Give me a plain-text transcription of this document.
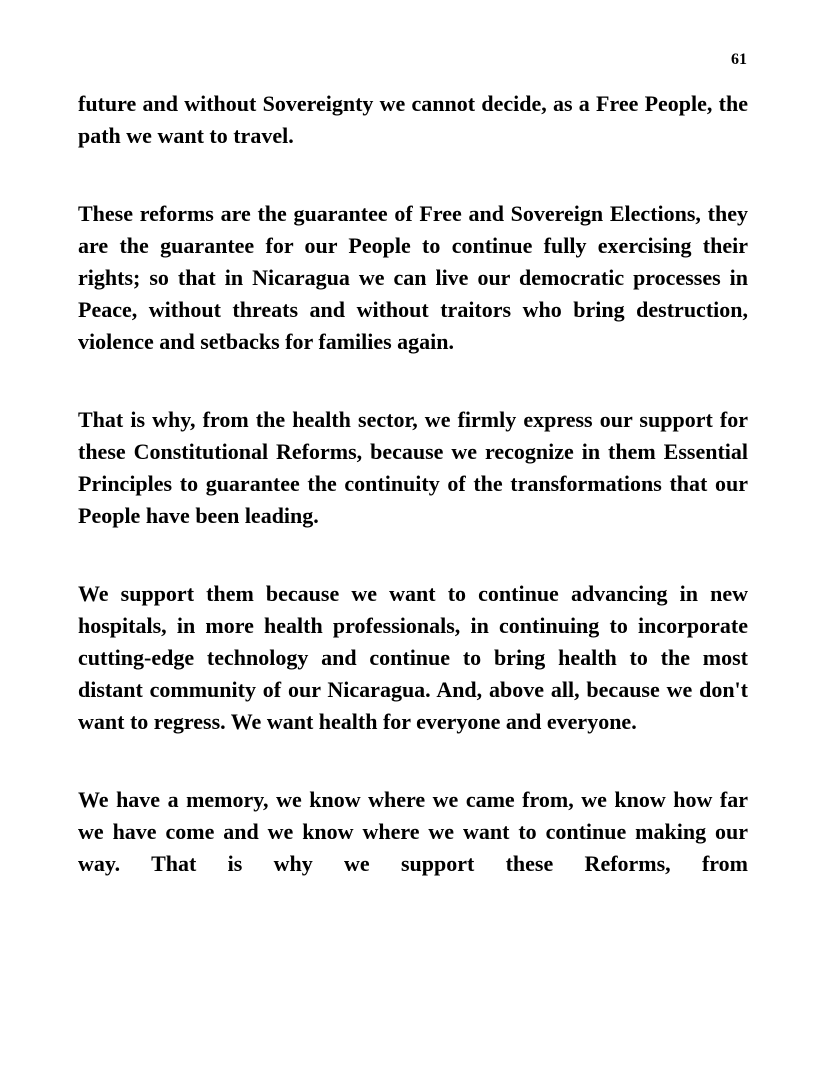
61

future and without Sovereignty we cannot decide, as a Free People, the path we want to travel.

These reforms are the guarantee of Free and Sovereign Elections, they are the guarantee for our People to continue fully exercising their rights; so that in Nicaragua we can live our democratic processes in Peace, without threats and without traitors who bring destruction, violence and setbacks for families again.

That is why, from the health sector, we firmly express our support for these Constitutional Reforms, because we recognize in them Essential Principles to guarantee the continuity of the transformations that our People have been leading.

We support them because we want to continue advancing in new hospitals, in more health professionals, in continuing to incorporate cutting-edge technology and continue to bring health to the most distant community of our Nicaragua. And, above all, because we don't want to regress. We want health for everyone and everyone.

We have a memory, we know where we came from, we know how far we have come and we know where we want to continue making our way. That is why we support these Reforms, from
